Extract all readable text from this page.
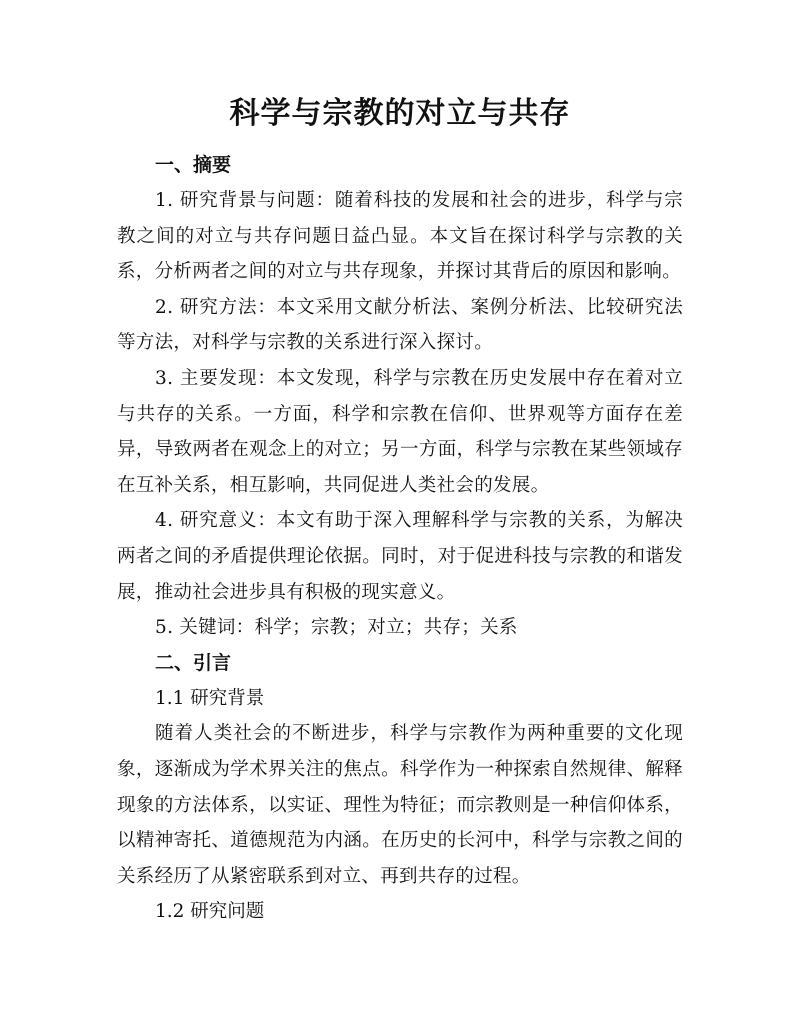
科学与宗教的对立与共存
一、摘要

1. 研究背景与问题：随着科技的发展和社会的进步，科学与宗教之间的对立与共存问题日益凸显。本文旨在探讨科学与宗教的关系，分析两者之间的对立与共存现象，并探讨其背后的原因和影响。

2. 研究方法：本文采用文献分析法、案例分析法、比较研究法等方法，对科学与宗教的关系进行深入探讨。

3. 主要发现：本文发现，科学与宗教在历史发展中存在着对立与共存的关系。一方面，科学和宗教在信仰、世界观等方面存在差异，导致两者在观念上的对立；另一方面，科学与宗教在某些领域存在互补关系，相互影响，共同促进人类社会的发展。

4. 研究意义：本文有助于深入理解科学与宗教的关系，为解决两者之间的矛盾提供理论依据。同时，对于促进科技与宗教的和谐发展，推动社会进步具有积极的现实意义。

5. 关键词：科学；宗教；对立；共存；关系

二、引言

1.1 研究背景

随着人类社会的不断进步，科学与宗教作为两种重要的文化现象，逐渐成为学术界关注的焦点。科学作为一种探索自然规律、解释现象的方法体系，以实证、理性为特征；而宗教则是一种信仰体系，以精神寄托、道德规范为内涵。在历史的长河中，科学与宗教之间的关系经历了从紧密联系到对立、再到共存的过程。

1.2 研究问题
